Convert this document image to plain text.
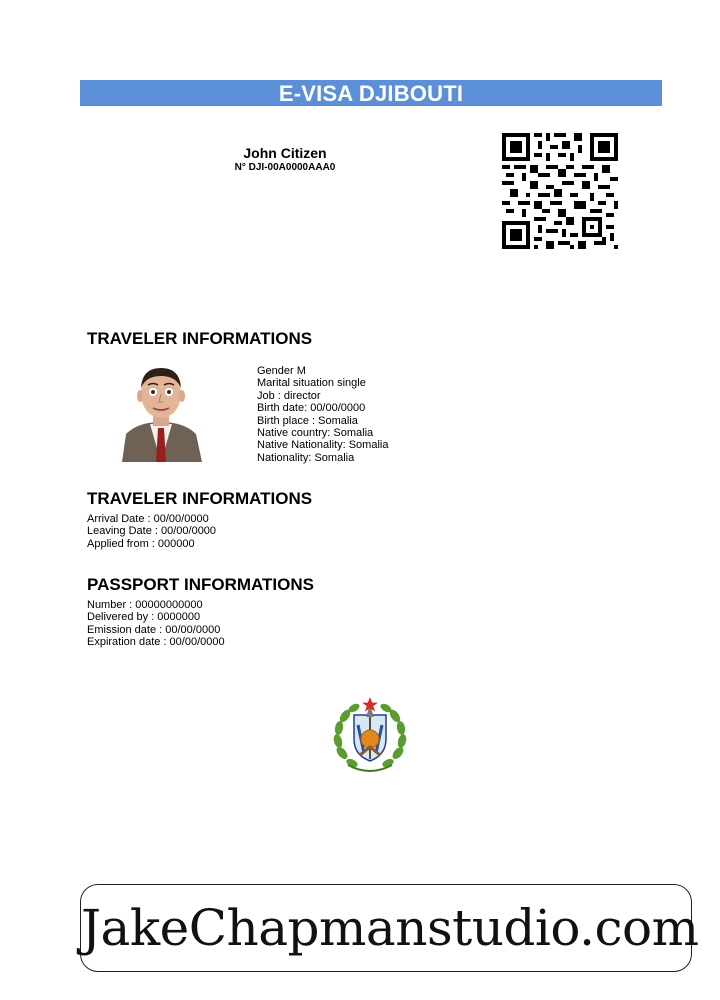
E-VISA DJIBOUTI
John Citizen
N° DJI-00A0000AAA0
TRAVELER INFORMATIONS
Gender M
Marital situation single
Job : director
Birth date: 00/00/0000
Birth place : Somalia
Native country: Somalia
Native Nationality: Somalia
Nationality: Somalia
TRAVELER INFORMATIONS
Arrival Date : 00/00/0000
Leaving Date : 00/00/0000
Applied from : 000000
PASSPORT INFORMATIONS
Number : 00000000000
Delivered by : 0000000
Emission date : 00/00/0000
Expiration date : 00/00/0000
JakeChapmanstudio.com
